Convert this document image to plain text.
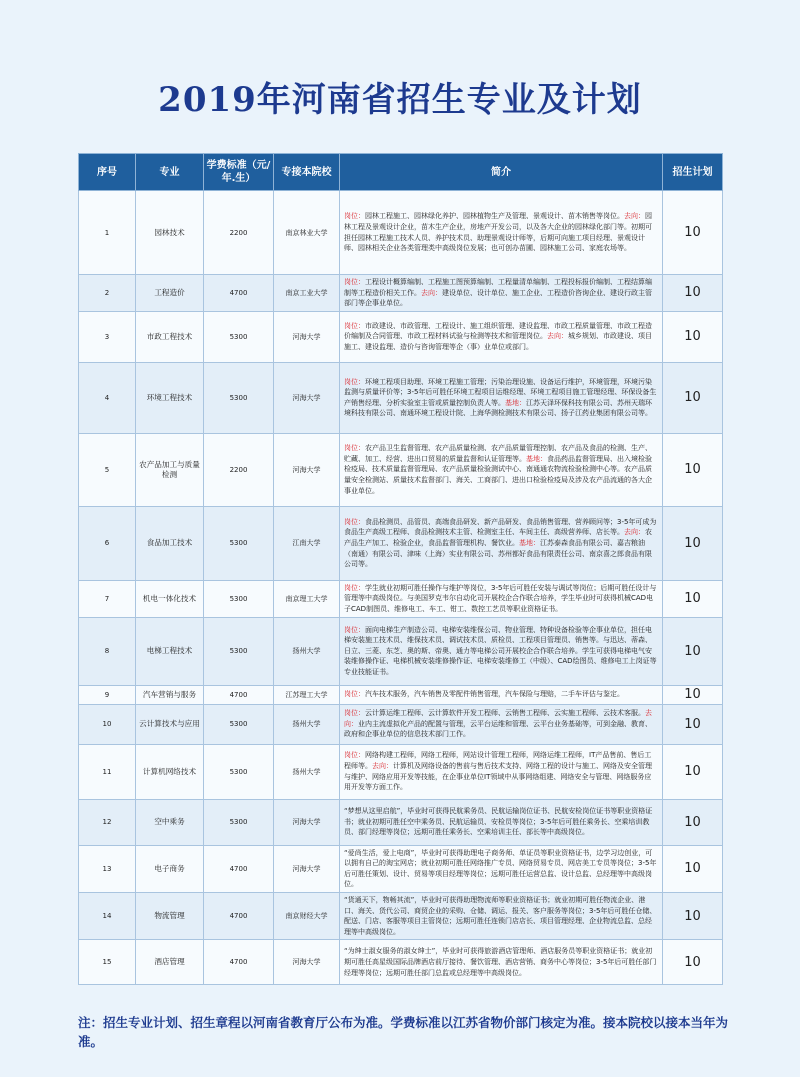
2019年河南省招生专业及计划
序号	专业	学费标准（元/年.生）	专接本院校	简介	招生计划
1	园林技术	2200	南京林业大学	岗位：园林工程施工、园林绿化养护、园林植物生产及管理、景观设计、苗木销售等岗位。去向：园林工程及景观设计企业，苗木生产企业，房地产开发公司，以及各大企业的园林绿化部门等。初期可担任园林工程施工技术人员、养护技术员、助理景观设计师等，后期可向施工项目经理、景观设计师、园林相关企业各类管理类中高级岗位发展；也可创办苗圃、园林施工公司、家庭农场等。	10
2	工程造价	4700	南京工业大学	岗位：工程设计概算编制、工程施工图预算编制、工程量清单编制、工程投标报价编制、工程结算编制等工程造价相关工作。去向：建设单位、设计单位、施工企业、工程造价咨询企业、建设行政主管部门等企事业单位。	10
3	市政工程技术	5300	河海大学	岗位：市政建设、市政管理、工程设计、施工组织管理、建设监理、市政工程质量管理、市政工程造价编制及合同管理、市政工程材料试验与检测等技术和管理岗位。去向：城乡规划、市政建设、项目施工、建设监理、造价与咨询管理等企（事）业单位或部门。	10
4	环境工程技术	5300	河海大学	岗位：环境工程项目助理、环境工程施工管理；污染治理设施、设备运行维护，环境管理，环境污染监测与质量评价等；3-5年后可胜任环境工程项目运维经理、环境工程项目施工管理经理、环保设备生产销售经理、分析实验室主管或质量控制负责人等。基地：江苏天泽环保科技有限公司、苏州天瑞环境科技有限公司、南通环境工程设计院、上海华测检测技术有限公司、扬子江药业集团有限公司等。	10
5	农产品加工与质量检测	2200	河海大学	岗位：农产品卫生监督管理、农产品质量检测、农产品质量管理控制、农产品及食品的检测、生产、贮藏、加工、经营、进出口贸易的质量监督和认证管理等。基地：食品药品监督管理局、出入境检验检疫局、技术质量监督管理局、农产品质量检验测试中心、南通通农物流检验检测中心等。农产品质量安全检测站、质量技术监督部门、海关、工商部门、进出口检验检疫局及涉及农产品流通的各大企事业单位。	10
6	食品加工技术	5300	江南大学	岗位：食品检测员、品管员、高端食品研发、新产品研发、食品销售管理、营养顾问等；3-5年可成为食品生产高级工程师、食品检测技术主管、检测室主任、车间主任、高级营养师、店长等。去向：农产品生产加工、检验企业，食品监督管理机构、餐饮业。基地：江苏泰森食品有限公司、嘉吉粮油（南通）有限公司、津味（上海）实业有限公司、苏州都好食品有限责任公司、南京喜之郎食品有限公司等。	10
7	机电一体化技术	5300	南京理工大学	岗位：学生就业初期可胜任操作与维护等岗位，3-5年后可胜任安装与调试等岗位；后期可胜任设计与管理等中高级岗位。与美国罗克韦尔自动化司开展校企合作联合培养，学生毕业时可获得机械CAD电子CAD制图员、维修电工、车工、钳工、数控工艺员等职业资格证书。	10
8	电梯工程技术	5300	扬州大学	岗位：面向电梯生产制造公司、电梯安装维保公司、物业管理、特种设备检验等企事业单位，担任电梯安装施工技术员、维保技术员、调试技术员、质检员、工程项目管理员、销售等。与迅达、蒂森、日立、三菱、东芝、奥的斯、帝奥、通力等电梯公司开展校企合作联合培养。学生可获得电梯电气安装维修操作证、电梯机械安装维修操作证、电梯安装维修工（中级）、CAD绘图员、维修电工上岗证等专业技能证书。	10
9	汽车营销与服务	4700	江苏理工大学	岗位：汽车技术服务，汽车销售及零配件销售管理，汽车保险与理赔，二手车评估与鉴定。	10
10	云计算技术与应用	5300	扬州大学	岗位：云计算运维工程师、云计算软件开发工程师、云销售工程师、云实施工程师、云技术客服。去向：业内主流虚拟化产品的配置与管理，云平台运维和管理、云平台业务基础等，可到金融、教育、政府和企事业单位的信息技术部门工作。	10
11	计算机网络技术	5300	扬州大学	岗位：网络构建工程师，网络工程师，网站设计管理工程师，网络运维工程师，IT产品售前、售后工程师等。去向：计算机及网络设备的售前与售后技术支持、网络工程的设计与施工、网络及安全管理与维护、网络应用开发等技能，在企事业单位IT领域中从事网络组建、网络安全与管理、网络服务应用开发等方面工作。	10
12	空中乘务	5300	河海大学	“梦想从这里启航”，毕业时可获得民航乘务员、民航运输岗位证书、民航安检岗位证书等职业资格证书；就业初期可胜任空中乘务员、民航运输员、安检员等岗位；3-5年后可胜任乘务长、空乘培训教员、部门经理等岗位；远期可胜任乘务长、空乘培训主任、部长等中高级岗位。	10
13	电子商务	4700	河海大学	“爱尚生活，爱上电商”，毕业时可获得助理电子商务师、单证员等职业资格证书，边学习边创业，可以拥有自己的淘宝网店；就业初期可胜任网络推广专员、网络贸易专员、网店美工专员等岗位；3-5年后可胜任策划、设计、贸易等项目经理等岗位；远期可胜任运营总监、设计总监、总经理等中高级岗位。	10
14	物流管理	4700	南京财经大学	“货通天下，物畅其流”，毕业时可获得助理物流师等职业资格证书；就业初期可胜任物流企业、港口、海关、货代公司、商贸企业的采购、仓储、调运、报关、客户服务等岗位；3-5年后可胜任仓储、配送、门店、客服等项目主管岗位；远期可胜任连锁门店店长、项目管理经理、企业物流总监、总经理等中高级岗位。	10
15	酒店管理	4700	河海大学	“为绅士淑女服务的淑女绅士”，毕业时可获得旅游酒店管理师、酒店服务员等职业资格证书；就业初期可胜任高星级国际品牌酒店前厅接待、餐饮管理、酒店营销、商务中心等岗位；3-5年后可胜任部门经理等岗位；远期可胜任部门总监或总经理等中高级岗位。	10
注：招生专业计划、招生章程以河南省教育厅公布为准。学费标准以江苏省物价部门核定为准。接本院校以接本当年为准。
